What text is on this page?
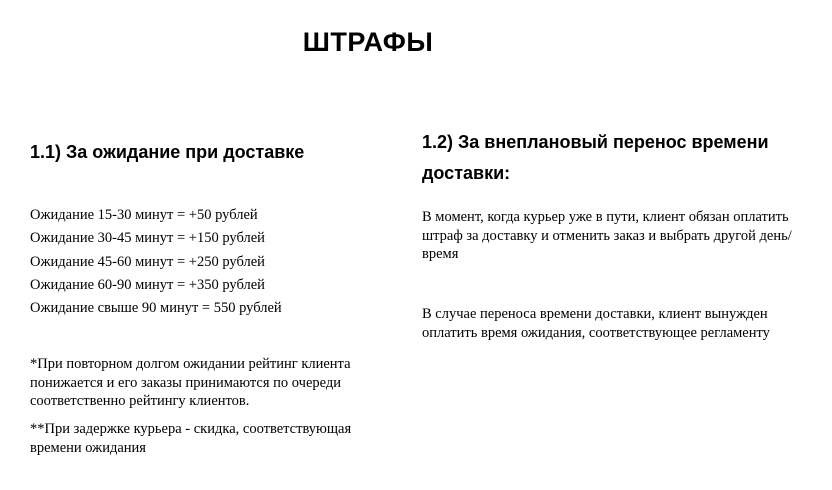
ШТРАФЫ
1.1) За ожидание при доставке
Ожидание 15-30 минут = +50 рублей
Ожидание 30-45 минут = +150 рублей
Ожидание 45-60 минут = +250 рублей
Ожидание 60-90 минут = +350 рублей
Ожидание свыше 90 минут = 550 рублей

*При повторном долгом ожидании рейтинг клиента понижается и его заказы принимаются по очереди соответственно рейтингу клиентов.

**При задержке курьера - скидка, соответствующая времени ожидания

1.2) За внеплановый перенос времени доставки:

В момент, когда курьер уже в пути, клиент обязан оплатить штраф за доставку и отменить заказ и выбрать другой день/время

В случае переноса времени доставки, клиент вынужден оплатить время ожидания, соответствующее регламенту
